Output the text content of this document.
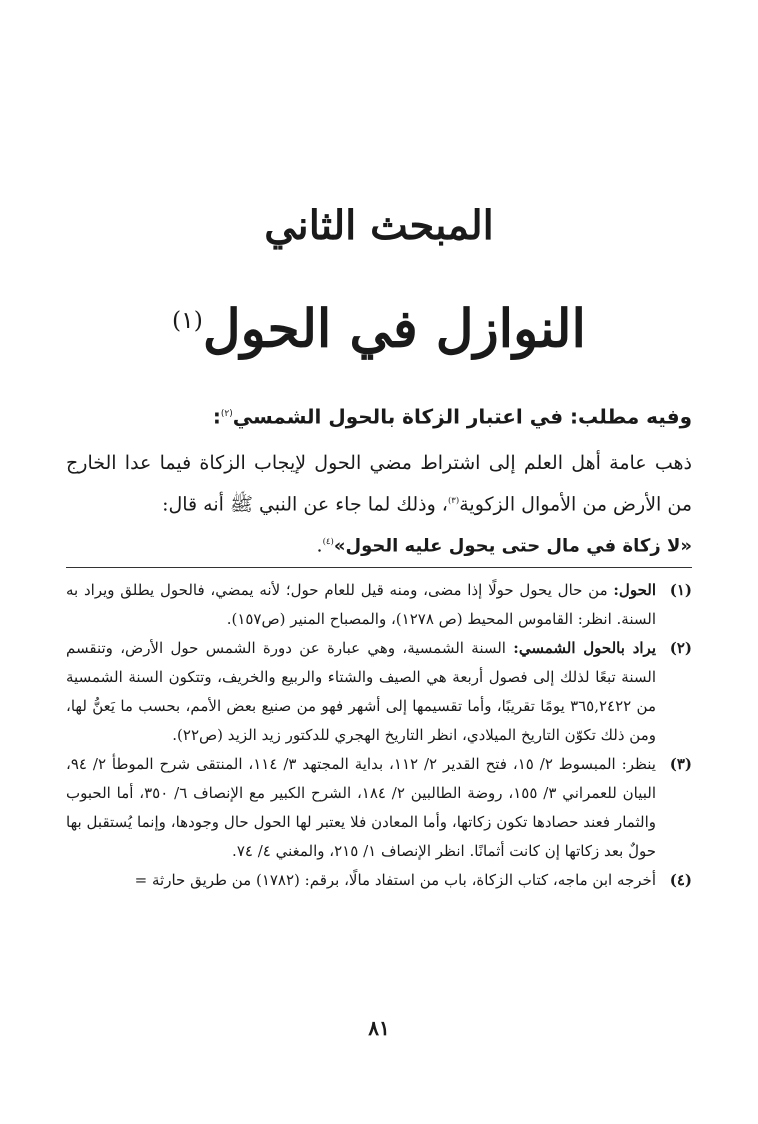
المبحث الثاني
النوازل في الحول$^{(١)}$
وفيه مطلب: في اعتبار الزكاة بالحول الشمسي$^{(٢)}$:
ذهب عامة أهل العلم إلى اشتراط مضي الحول لإيجاب الزكاة فيما عدا الخارج من الأرض من الأموال الزكوية$^{(٣)}$، وذلك لما جاء عن النبي ﷺ أنه قال:
«لا زكاة في مال حتى يحول عليه الحول»$^{(٤)}$.
(١)
الحول: من حال يحول حولًا إذا مضى، ومنه قيل للعام حول؛ لأنه يمضي، فالحول يطلق ويراد به السنة. انظر: القاموس المحيط (ص ١٢٧٨)، والمصباح المنير (ص١٥٧).
(٢)
يراد بالحول الشمسي: السنة الشمسية، وهي عبارة عن دورة الشمس حول الأرض، وتنقسم السنة تبعًا لذلك إلى فصول أربعة هي الصيف والشتاء والربيع والخريف، وتتكون السنة الشمسية من ٣٦٥,٢٤٢٢ يومًا تقريبًا، وأما تقسيمها إلى أشهر فهو من صنيع بعض الأمم، بحسب ما يَعنُّ لها، ومن ذلك تكوّن التاريخ الميلادي، انظر التاريخ الهجري للدكتور زيد الزيد (ص٢٢).
(٣)
ينظر: المبسوط ٢/ ١٥، فتح القدير ٢/ ١١٢، بداية المجتهد ٣/ ١١٤، المنتقى شرح الموطأ ٢/ ٩٤، البيان للعمراني ٣/ ١٥٥، روضة الطالبين ٢/ ١٨٤، الشرح الكبير مع الإنصاف ٦/ ٣٥٠، أما الحبوب والثمار فعند حصادها تكون زكاتها، وأما المعادن فلا يعتبر لها الحول حال وجودها، وإنما يُستقبل بها حولٌ بعد زكاتها إن كانت أثمانًا. انظر الإنصاف ١/ ٢١٥، والمغني ٤/ ٧٤.
(٤)
أخرجه ابن ماجه، كتاب الزكاة، باب من استفاد مالًا، برقم: (١٧٨٢) من طريق حارثة =
٨١
